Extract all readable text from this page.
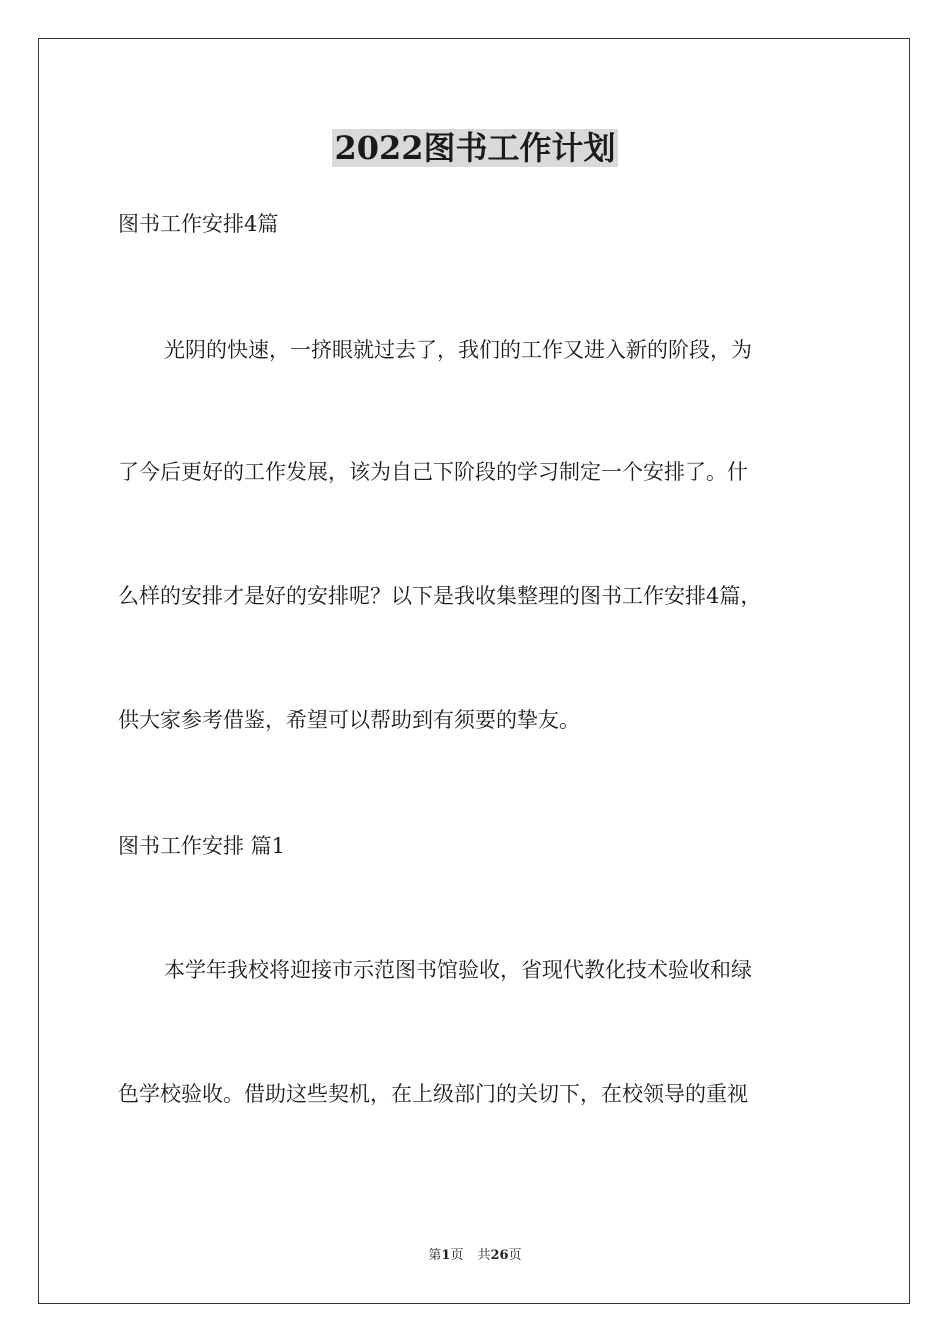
2022图书工作计划

图书工作安排4篇

光阴的快速，一挤眼就过去了，我们的工作又进入新的阶段，为

了今后更好的工作发展，该为自己下阶段的学习制定一个安排了。什

么样的安排才是好的安排呢？以下是我收集整理的图书工作安排4篇，

供大家参考借鉴，希望可以帮助到有须要的挚友。

图书工作安排 篇1

本学年我校将迎接市示范图书馆验收，省现代教化技术验收和绿

色学校验收。借助这些契机，在上级部门的关切下，在校领导的重视

第1页 共26页
